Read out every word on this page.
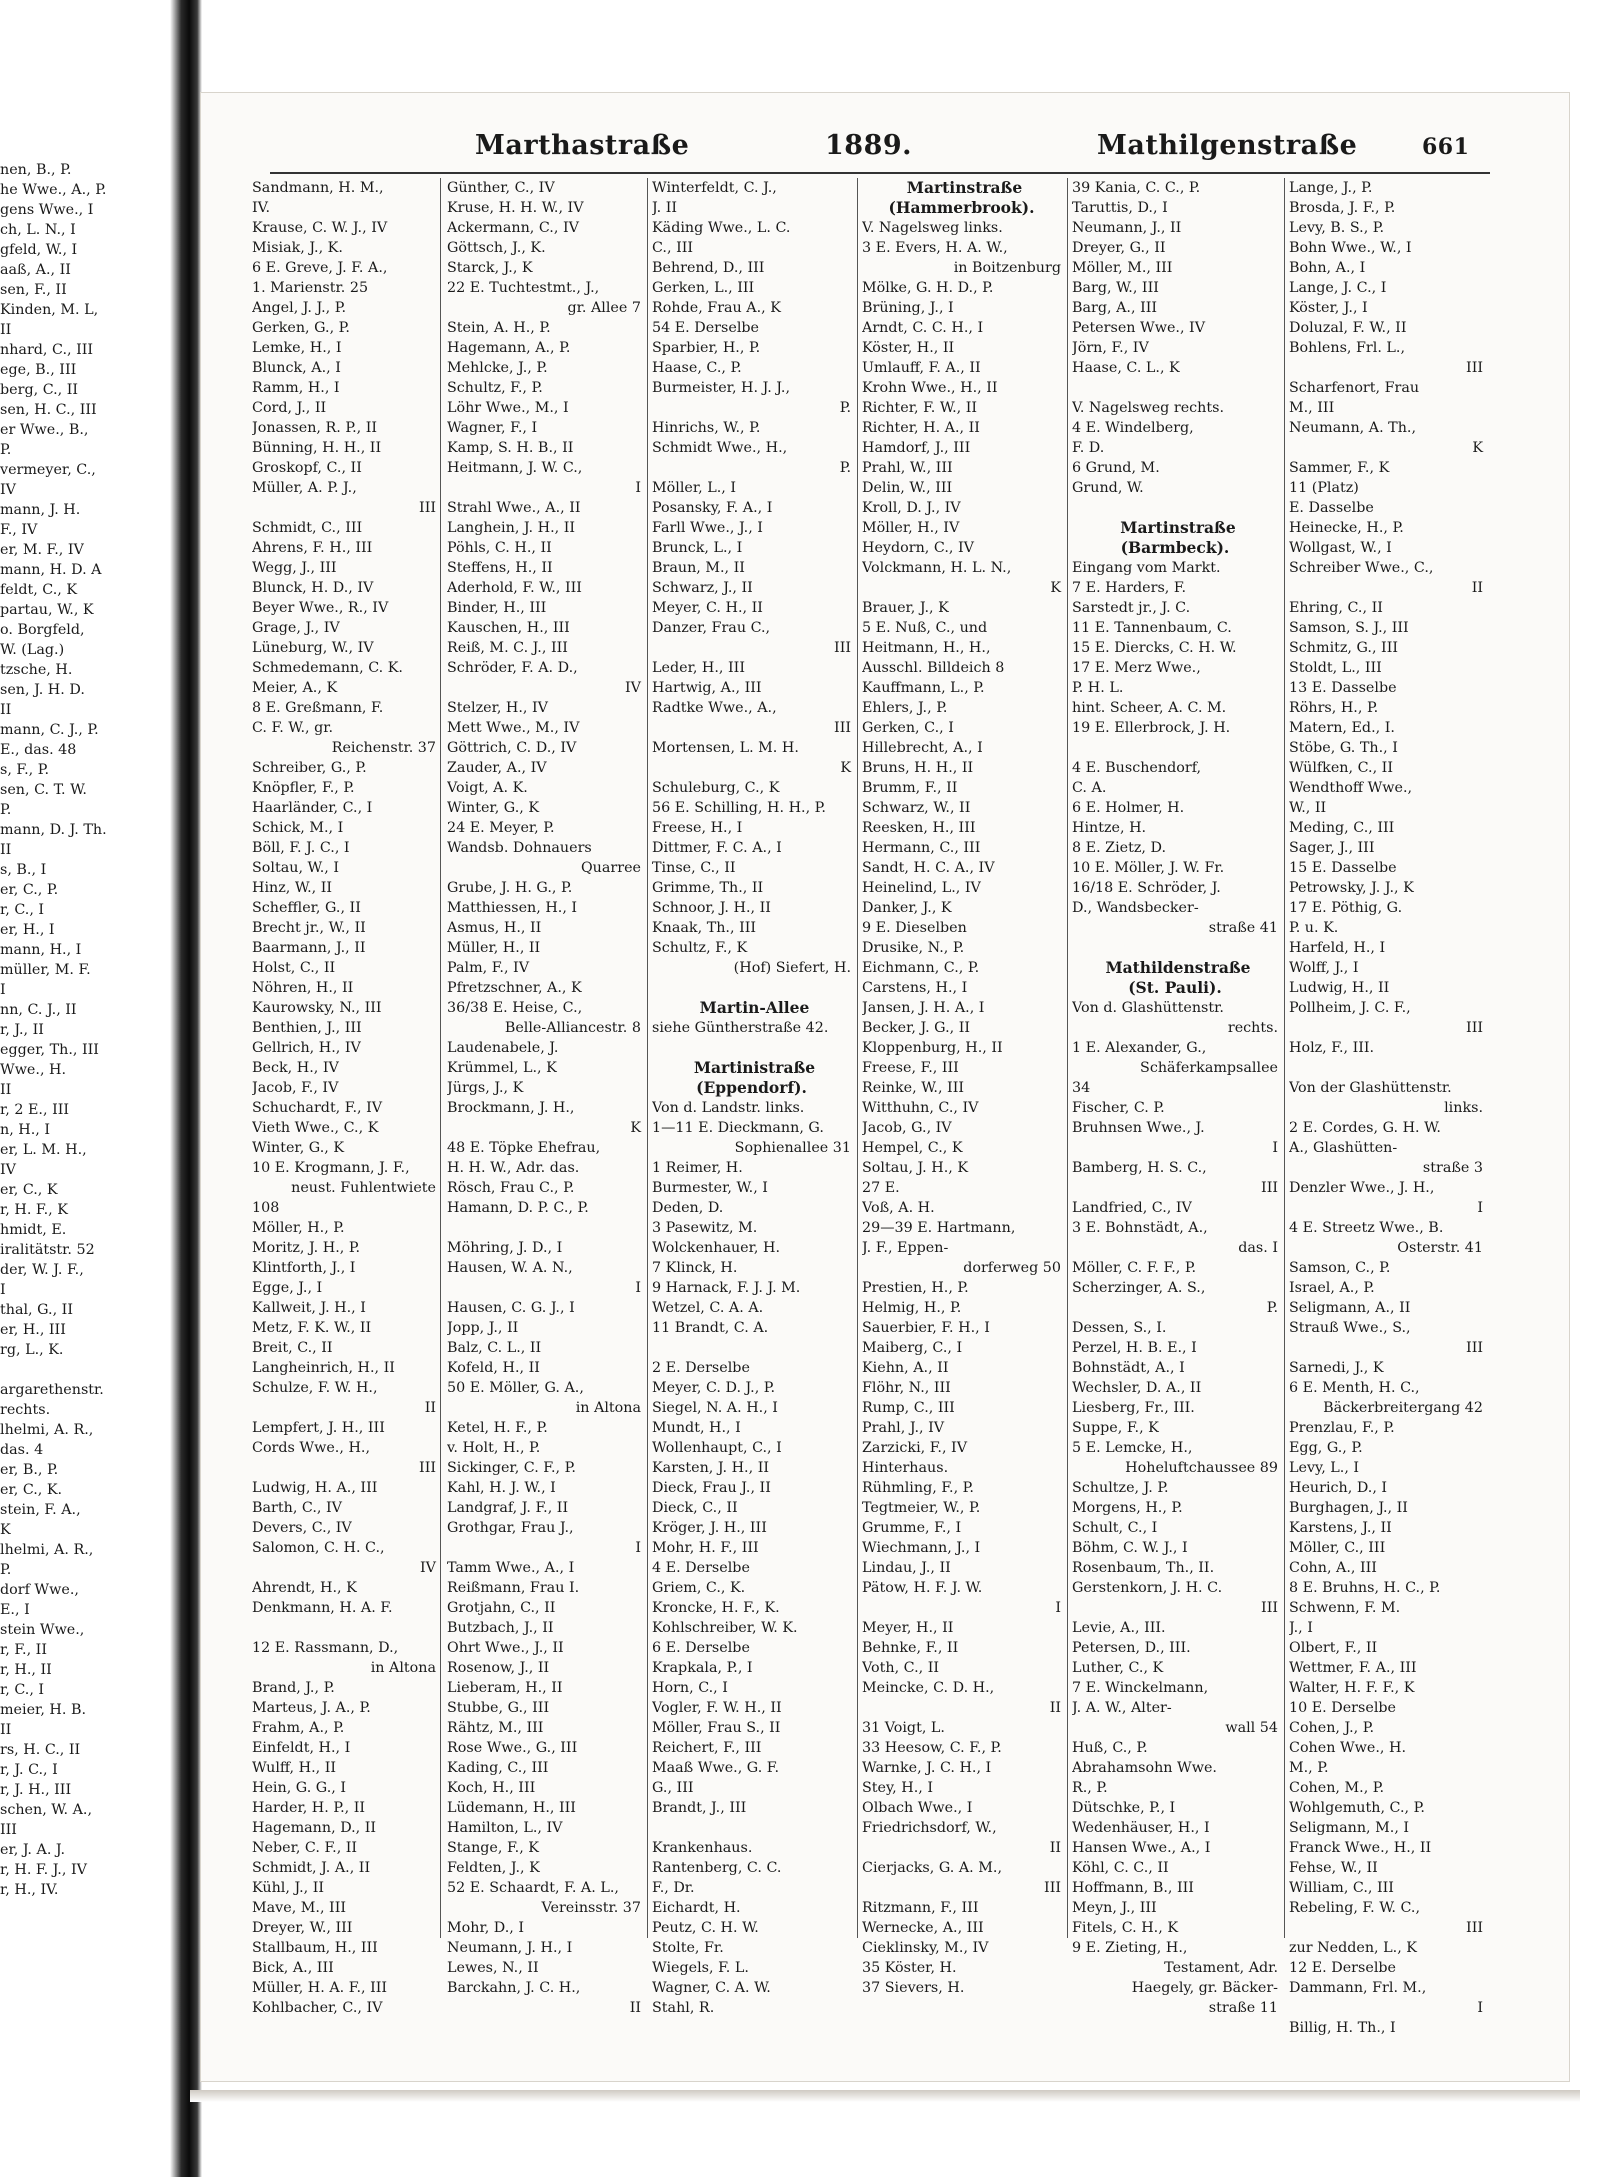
nen, B., P.
he Wwe., A., P.
gens Wwe., I
ch, L. N., I
gfeld, W., I
aaß, A., II
sen, F., II
Kinden, M. L,
II
nhard, C., III
ege, B., III
berg, C., II
sen, H. C., III
er Wwe., B.,
P.
vermeyer, C.,
IV
mann, J. H.
F., IV
er, M. F., IV
mann, H. D. A
feldt, C., K
partau, W., K
o. Borgfeld,
W. (Lag.)
tzsche, H.
sen, J. H. D.
II
mann, C. J., P.
E., das. 48
s, F., P.
sen, C. T. W.
P.
mann, D. J. Th.
II
s, B., I
er, C., P.
r, C., I
er, H., I
mann, H., I
müller, M. F.
I
nn, C. J., II
r, J., II
egger, Th., III
Wwe., H.
II
r, 2 E., III
n, H., I
er, L. M. H.,
IV
er, C., K
r, H. F., K
hmidt, E.
iralitätstr. 52
der, W. J. F.,
I
thal, G., II
er, H., III
rg, L., K.
argarethenstr.
rechts.
lhelmi, A. R.,
das. 4
er, B., P.
er, C., K.
stein, F. A.,
K
lhelmi, A. R.,
P.
dorf Wwe.,
E., I
stein Wwe.,
r, F., II
r, H., II
r, C., I
meier, H. B.
II
rs, H. C., II
r, J. C., I
r, J. H., III
schen, W. A.,
III
er, J. A. J.
r, H. F. J., IV
r, H., IV.
Marthastraße	1889.	Mathilgenstraße	661
Sandmann, H. M.,
IV.
Krause, C. W. J., IV
Misiak, J., K.
6 E. Greve, J. F. A.,
1. Marienstr. 25
Angel, J. J., P.
Gerken, G., P.
Lemke, H., I
Blunck, A., I
Ramm, H., I
Cord, J., II
Jonassen, R. P., II
Bünning, H. H., II
Groskopf, C., II
Müller, A. P. J.,
III
Schmidt, C., III
Ahrens, F. H., III
Wegg, J., III
Blunck, H. D., IV
Beyer Wwe., R., IV
Grage, J., IV
Lüneburg, W., IV
Schmedemann, C. K.
Meier, A., K
8 E. Greßmann, F.
C. F. W., gr.
Reichenstr. 37
Schreiber, G., P.
Knöpfler, F., P.
Haarländer, C., I
Schick, M., I
Böll, F. J. C., I
Soltau, W., I
Hinz, W., II
Scheffler, G., II
Brecht jr., W., II
Baarmann, J., II
Holst, C., II
Nöhren, H., II
Kaurowsky, N., III
Benthien, J., III
Gellrich, H., IV
Beck, H., IV
Jacob, F., IV
Schuchardt, F., IV
Vieth Wwe., C., K
Winter, G., K
10 E. Krogmann, J. F.,
neust. Fuhlentwiete
108
Möller, H., P.
Moritz, J. H., P.
Klintforth, J., I
Egge, J., I
Kallweit, J. H., I
Metz, F. K. W., II
Breit, C., II
Langheinrich, H., II
Schulze, F. W. H.,
II
Lempfert, J. H., III
Cords Wwe., H.,
III
Ludwig, H. A., III
Barth, C., IV
Devers, C., IV
Salomon, C. H. C.,
IV
Ahrendt, H., K
Denkmann, H. A. F.
12 E. Rassmann, D.,
in Altona
Brand, J., P.
Marteus, J. A., P.
Frahm, A., P.
Einfeldt, H., I
Wulff, H., II
Hein, G. G., I
Harder, H. P., II
Hagemann, D., II
Neber, C. F., II
Schmidt, J. A., II
Kühl, J., II
Mave, M., III
Dreyer, W., III
Stallbaum, H., III
Bick, A., III
Müller, H. A. F., III
Kohlbacher, C., IV
Günther, C., IV
Kruse, H. H. W., IV
Ackermann, C., IV
Göttsch, J., K.
Starck, J., K
22 E. Tuchtestmt., J.,
gr. Allee 7
Stein, A. H., P.
Hagemann, A., P.
Mehlcke, J., P.
Schultz, F., P.
Löhr Wwe., M., I
Wagner, F., I
Kamp, S. H. B., II
Heitmann, J. W. C.,
I
Strahl Wwe., A., II
Langhein, J. H., II
Pöhls, C. H., II
Steffens, H., II
Aderhold, F. W., III
Binder, H., III
Kauschen, H., III
Reiß, M. C. J., III
Schröder, F. A. D.,
IV
Stelzer, H., IV
Mett Wwe., M., IV
Göttrich, C. D., IV
Zauder, A., IV
Voigt, A. K.
Winter, G., K
24 E. Meyer, P.
Wandsb. Dohnauers
Quarree
Grube, J. H. G., P.
Matthiessen, H., I
Asmus, H., II
Müller, H., II
Palm, F., IV
Pfretzschner, A., K
36/38 E. Heise, C.,
Belle-Alliancestr. 8
Laudenabele, J.
Krümmel, L., K
Jürgs, J., K
Brockmann, J. H.,
K
48 E. Töpke Ehefrau,
H. H. W., Adr. das.
Rösch, Frau C., P.
Hamann, D. P. C., P.
Möhring, J. D., I
Hausen, W. A. N.,
I
Hausen, C. G. J., I
Jopp, J., II
Balz, C. L., II
Kofeld, H., II
50 E. Möller, G. A.,
in Altona
Ketel, H. F., P.
v. Holt, H., P.
Sickinger, C. F., P.
Kahl, H. J. W., I
Landgraf, J. F., II
Grothgar, Frau J.,
I
Tamm Wwe., A., I
Reißmann, Frau I.
Grotjahn, C., II
Butzbach, J., II
Ohrt Wwe., J., II
Rosenow, J., II
Lieberam, H., II
Stubbe, G., III
Rähtz, M., III
Rose Wwe., G., III
Kading, C., III
Koch, H., III
Lüdemann, H., III
Hamilton, L., IV
Stange, F., K
Feldten, J., K
52 E. Schaardt, F. A. L.,
Vereinsstr. 37
Mohr, D., I
Neumann, J. H., I
Lewes, N., II
Barckahn, J. C. H.,
II
Winterfeldt, C. J.,
J. II
Käding Wwe., L. C.
C., III
Behrend, D., III
Gerken, L., III
Rohde, Frau A., K
54 E. Derselbe
Sparbier, H., P.
Haase, C., P.
Burmeister, H. J. J.,
P.
Hinrichs, W., P.
Schmidt Wwe., H.,
P.
Möller, L., I
Posansky, F. A., I
Farll Wwe., J., I
Brunck, L., I
Braun, M., II
Schwarz, J., II
Meyer, C. H., II
Danzer, Frau C.,
III
Leder, H., III
Hartwig, A., III
Radtke Wwe., A.,
III
Mortensen, L. M. H.
K
Schuleburg, C., K
56 E. Schilling, H. H., P.
Freese, H., I
Dittmer, F. C. A., I
Tinse, C., II
Grimme, Th., II
Schnoor, J. H., II
Knaak, Th., III
Schultz, F., K
(Hof) Siefert, H.
Martin-Allee
siehe Güntherstraße 42.
Martinistraße
(Eppendorf).
Von d. Landstr. links.
1—11 E. Dieckmann, G.
Sophienallee 31
1 Reimer, H.
Burmester, W., I
Deden, D.
3 Pasewitz, M.
Wolckenhauer, H.
7 Klinck, H.
9 Harnack, F. J. J. M.
Wetzel, C. A. A.
11 Brandt, C. A.
2 E. Derselbe
Meyer, C. D. J., P.
Siegel, N. A. H., I
Mundt, H., I
Wollenhaupt, C., I
Karsten, J. H., II
Dieck, Frau J., II
Dieck, C., II
Kröger, J. H., III
Mohr, H. F., III
4 E. Derselbe
Griem, C., K.
Kroncke, H. F., K.
Kohlschreiber, W. K.
6 E. Derselbe
Krapkala, P., I
Horn, C., I
Vogler, F. W. H., II
Möller, Frau S., II
Reichert, F., III
Maaß Wwe., G. F.
G., III
Brandt, J., III
Krankenhaus.
Rantenberg, C. C.
F., Dr.
Eichardt, H.
Peutz, C. H. W.
Stolte, Fr.
Wiegels, F. L.
Wagner, C. A. W.
Stahl, R.
Martinstraße
(Hammerbrook).
V. Nagelsweg links.
3 E. Evers, H. A. W.,
in Boitzenburg
Mölke, G. H. D., P.
Brüning, J., I
Arndt, C. C. H., I
Köster, H., II
Umlauff, F. A., II
Krohn Wwe., H., II
Richter, F. W., II
Richter, H. A., II
Hamdorf, J., III
Prahl, W., III
Delin, W., III
Kroll, D. J., IV
Möller, H., IV
Heydorn, C., IV
Volckmann, H. L. N.,
K
Brauer, J., K
5 E. Nuß, C., und
Heitmann, H., H.,
Ausschl. Billdeich 8
Kauffmann, L., P.
Ehlers, J., P.
Gerken, C., I
Hillebrecht, A., I
Bruns, H. H., II
Brumm, F., II
Schwarz, W., II
Reesken, H., III
Hermann, C., III
Sandt, H. C. A., IV
Heinelind, L., IV
Danker, J., K
9 E. Dieselben
Drusike, N., P.
Eichmann, C., P.
Carstens, H., I
Jansen, J. H. A., I
Becker, J. G., II
Kloppenburg, H., II
Freese, F., III
Reinke, W., III
Witthuhn, C., IV
Jacob, G., IV
Hempel, C., K
Soltau, J. H., K
27 E.
Voß, A. H.
29—39 E. Hartmann,
J. F., Eppen-
dorferweg 50
Prestien, H., P.
Helmig, H., P.
Sauerbier, F. H., I
Maiberg, C., I
Kiehn, A., II
Flöhr, N., III
Rump, C., III
Prahl, J., IV
Zarzicki, F., IV
Hinterhaus.
Rühmling, F., P.
Tegtmeier, W., P.
Grumme, F., I
Wiechmann, J., I
Lindau, J., II
Pätow, H. F. J. W.
I
Meyer, H., II
Behnke, F., II
Voth, C., II
Meincke, C. D. H.,
II
31 Voigt, L.
33 Heesow, C. F., P.
Warnke, J. C. H., I
Stey, H., I
Olbach Wwe., I
Friedrichsdorf, W.,
II
Cierjacks, G. A. M.,
III
Ritzmann, F., III
Wernecke, A., III
Cieklinsky, M., IV
35 Köster, H.
37 Sievers, H.
39 Kania, C. C., P.
Taruttis, D., I
Neumann, J., II
Dreyer, G., II
Möller, M., III
Barg, W., III
Barg, A., III
Petersen Wwe., IV
Jörn, F., IV
Haase, C. L., K
V. Nagelsweg rechts.
4 E. Windelberg,
F. D.
6 Grund, M.
Grund, W.
Martinstraße
(Barmbeck).
Eingang vom Markt.
7 E. Harders, F.
Sarstedt jr., J. C.
11 E. Tannenbaum, C.
15 E. Diercks, C. H. W.
17 E. Merz Wwe.,
P. H. L.
hint. Scheer, A. C. M.
19 E. Ellerbrock, J. H.
4 E. Buschendorf,
C. A.
6 E. Holmer, H.
Hintze, H.
8 E. Zietz, D.
10 E. Möller, J. W. Fr.
16/18 E. Schröder, J.
D., Wandsbecker-
straße 41
Mathildenstraße
(St. Pauli).
Von d. Glashüttenstr.
rechts.
1 E. Alexander, G.,
Schäferkampsallee
34
Fischer, C. P.
Bruhnsen Wwe., J.
I
Bamberg, H. S. C.,
III
Landfried, C., IV
3 E. Bohnstädt, A.,
das. I
Möller, C. F. F., P.
Scherzinger, A. S.,
P.
Dessen, S., I.
Perzel, H. B. E., I
Bohnstädt, A., I
Wechsler, D. A., II
Liesberg, Fr., III.
Suppe, F., K
5 E. Lemcke, H.,
Hoheluftchaussee 89
Schultze, J. P.
Morgens, H., P.
Schult, C., I
Böhm, C. W. J., I
Rosenbaum, Th., II.
Gerstenkorn, J. H. C.
III
Levie, A., III.
Petersen, D., III.
Luther, C., K
7 E. Winckelmann,
J. A. W., Alter-
wall 54
Huß, C., P.
Abrahamsohn Wwe.
R., P.
Dütschke, P., I
Wedenhäuser, H., I
Hansen Wwe., A., I
Köhl, C. C., II
Hoffmann, B., III
Meyn, J., III
Fitels, C. H., K
9 E. Zieting, H.,
Testament, Adr.
Haegely, gr. Bäcker-
straße 11
Lange, J., P.
Brosda, J. F., P.
Levy, B. S., P.
Bohn Wwe., W., I
Bohn, A., I
Lange, J. C., I
Köster, J., I
Doluzal, F. W., II
Bohlens, Frl. L.,
III
Scharfenort, Frau
M., III
Neumann, A. Th.,
K
Sammer, F., K
11 (Platz)
E. Dasselbe
Heinecke, H., P.
Wollgast, W., I
Schreiber Wwe., C.,
II
Ehring, C., II
Samson, S. J., III
Schmitz, G., III
Stoldt, L., III
13 E. Dasselbe
Röhrs, H., P.
Matern, Ed., I.
Stöbe, G. Th., I
Wülfken, C., II
Wendthoff Wwe.,
W., II
Meding, C., III
Sager, J., III
15 E. Dasselbe
Petrowsky, J. J., K
17 E. Pöthig, G.
P. u. K.
Harfeld, H., I
Wolff, J., I
Ludwig, H., II
Pollheim, J. C. F.,
III
Holz, F., III.
Von der Glashüttenstr.
links.
2 E. Cordes, G. H. W.
A., Glashütten-
straße 3
Denzler Wwe., J. H.,
I
4 E. Streetz Wwe., B.
Osterstr. 41
Samson, C., P.
Israel, A., P.
Seligmann, A., II
Strauß Wwe., S.,
III
Sarnedi, J., K
6 E. Menth, H. C.,
Bäckerbreitergang 42
Prenzlau, F., P.
Egg, G., P.
Levy, L., I
Heurich, D., I
Burghagen, J., II
Karstens, J., II
Möller, C., III
Cohn, A., III
8 E. Bruhns, H. C., P.
Schwenn, F. M.
J., I
Olbert, F., II
Wettmer, F. A., III
Walter, H. F. F., K
10 E. Derselbe
Cohen, J., P.
Cohen Wwe., H.
M., P.
Cohen, M., P.
Wohlgemuth, C., P.
Seligmann, M., I
Franck Wwe., H., II
Fehse, W., II
William, C., III
Rebeling, F. W. C.,
III
zur Nedden, L., K
12 E. Derselbe
Dammann, Frl. M.,
I
Billig, H. Th., I
